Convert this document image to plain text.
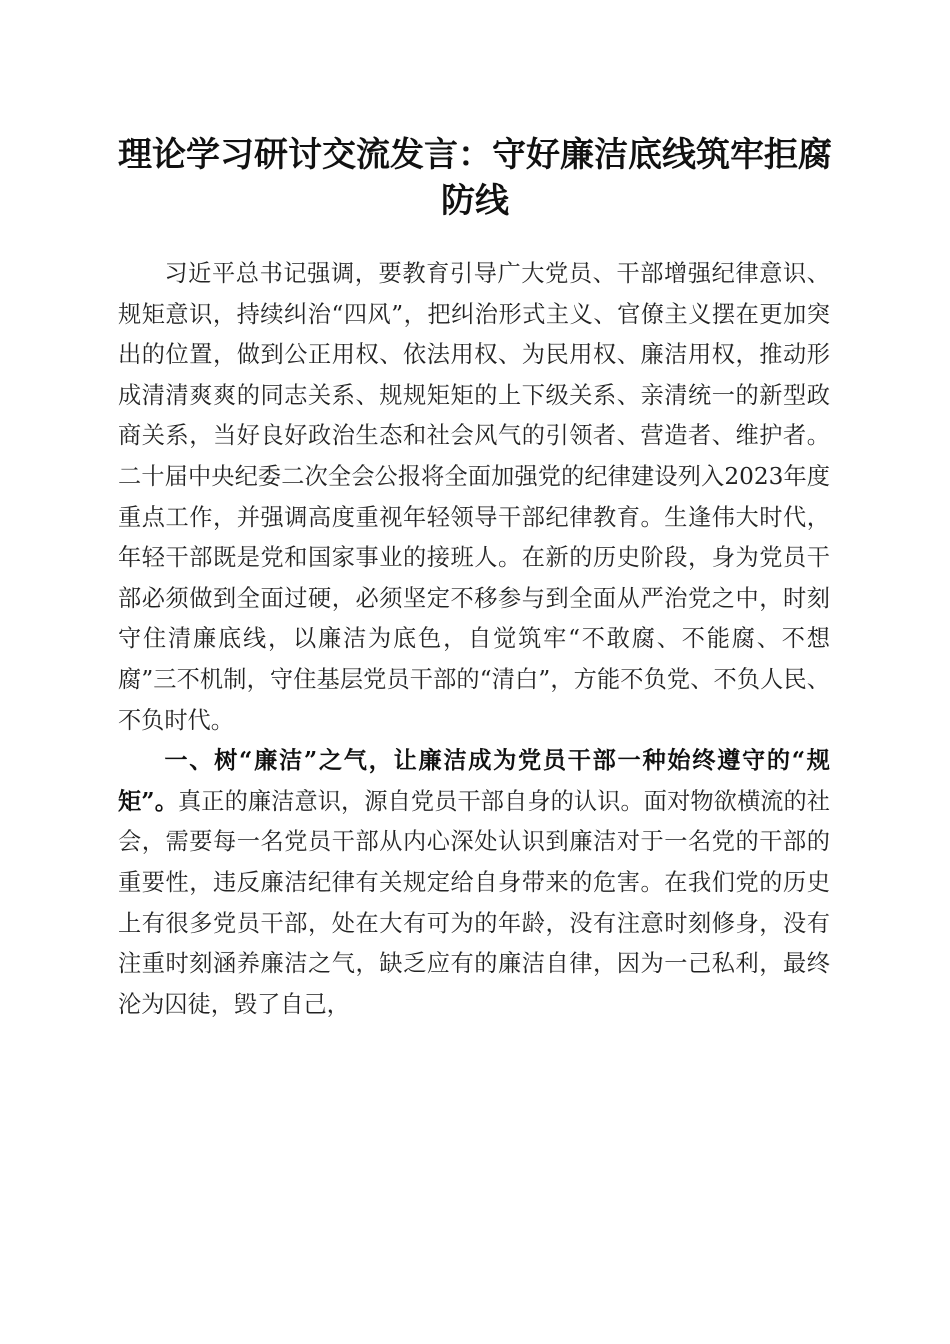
理论学习研讨交流发言：守好廉洁底线筑牢拒腐防线

习近平总书记强调，要教育引导广大党员、干部增强纪律意识、规矩意识，持续纠治“四风”，把纠治形式主义、官僚主义摆在更加突出的位置，做到公正用权、依法用权、为民用权、廉洁用权，推动形成清清爽爽的同志关系、规规矩矩的上下级关系、亲清统一的新型政商关系，当好良好政治生态和社会风气的引领者、营造者、维护者。二十届中央纪委二次全会公报将全面加强党的纪律建设列入2023年度重点工作，并强调高度重视年轻领导干部纪律教育。生逢伟大时代，年轻干部既是党和国家事业的接班人。在新的历史阶段，身为党员干部必须做到全面过硬，必须坚定不移参与到全面从严治党之中，时刻守住清廉底线，以廉洁为底色，自觉筑牢“不敢腐、不能腐、不想腐”三不机制，守住基层党员干部的“清白”，方能不负党、不负人民、不负时代。

一、树“廉洁”之气，让廉洁成为党员干部一种始终遵守的“规矩”。真正的廉洁意识，源自党员干部自身的认识。面对物欲横流的社会，需要每一名党员干部从内心深处认识到廉洁对于一名党的干部的重要性，违反廉洁纪律有关规定给自身带来的危害。在我们党的历史上有很多党员干部，处在大有可为的年龄，没有注意时刻修身，没有注重时刻涵养廉洁之气，缺乏应有的廉洁自律，因为一己私利，最终沦为囚徒，毁了自己，
